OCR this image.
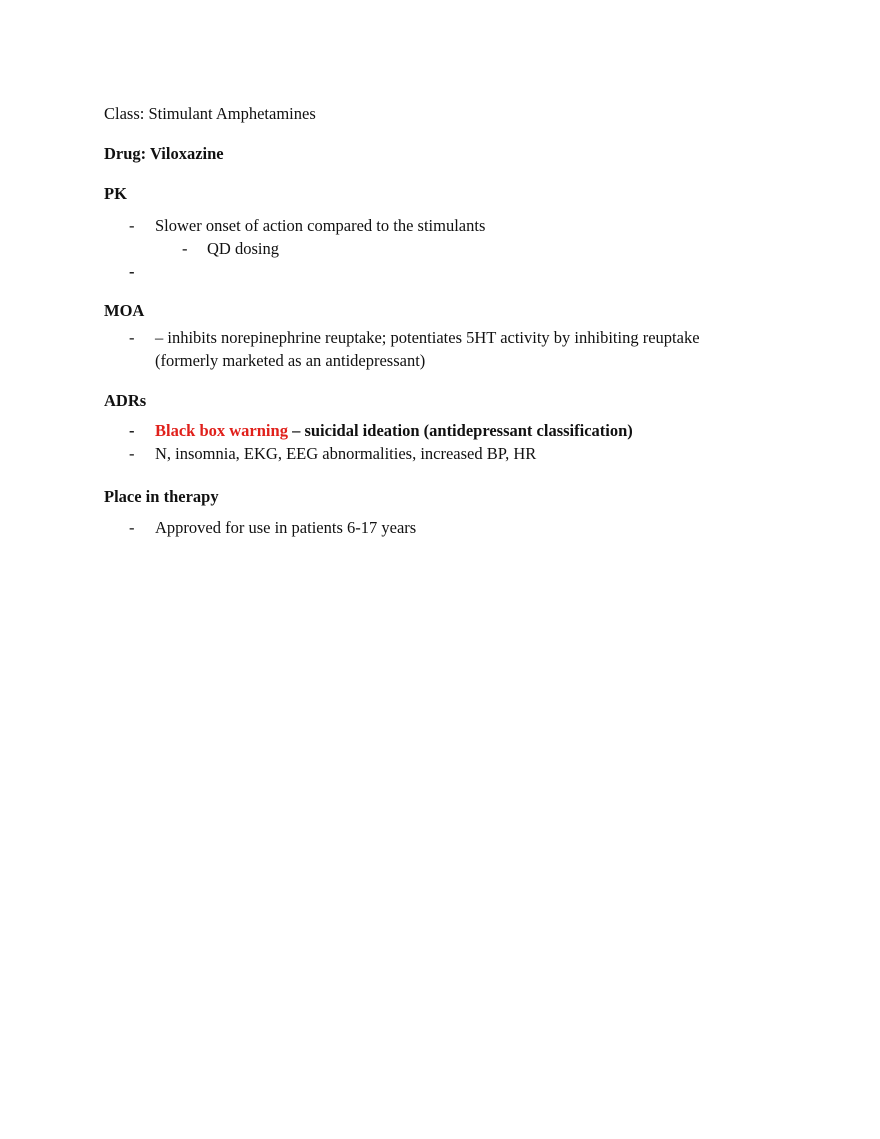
Class: Stimulant Amphetamines
Drug: Viloxazine
PK
- Slower onset of action compared to the stimulants
- QD dosing
-
MOA
- – inhibits norepinephrine reuptake; potentiates 5HT activity by inhibiting reuptake
(formerly marketed as an antidepressant)
ADRs
- Black box warning – suicidal ideation (antidepressant classification)
- N, insomnia, EKG, EEG abnormalities, increased BP, HR
Place in therapy
- Approved for use in patients 6-17 years
